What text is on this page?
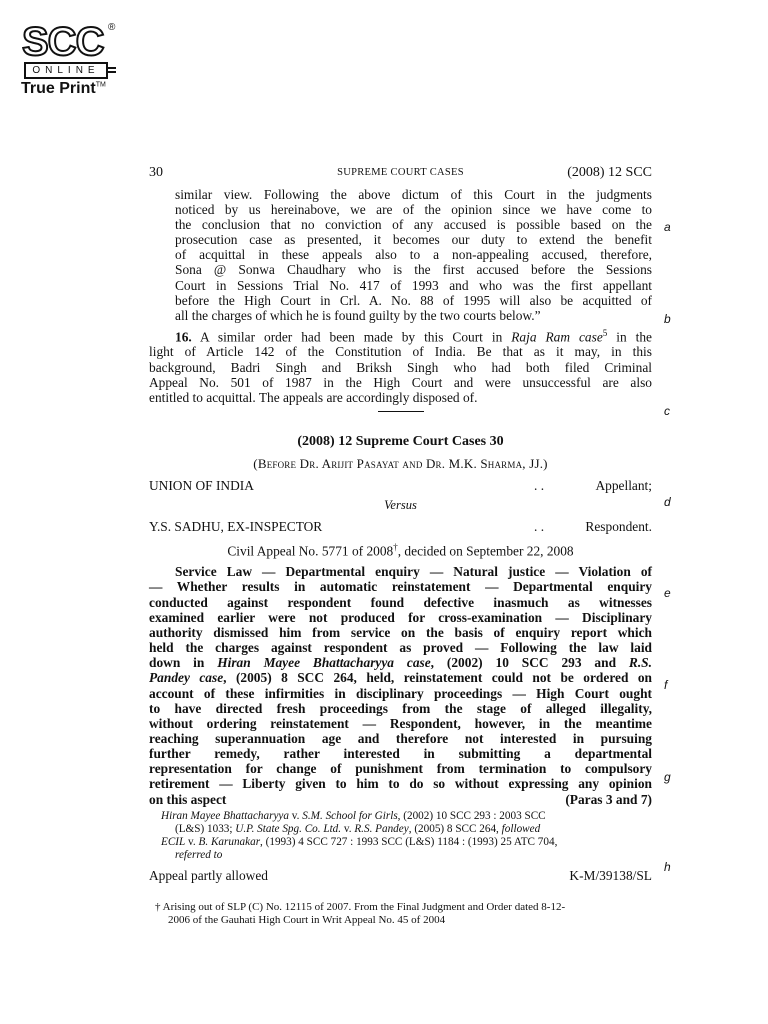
SCC ®
ONLINE
True Print™
30	SUPREME COURT CASES	(2008) 12 SCC
similar view. Following the above dictum of this Court in the judgments
noticed by us hereinabove, we are of the opinion since we have come to
the conclusion that no conviction of any accused is possible based on the
prosecution case as presented, it becomes our duty to extend the benefit
of acquittal in these appeals also to a non-appealing accused, therefore,
Sona @ Sonwa Chaudhary who is the first accused before the Sessions
Court in Sessions Trial No. 417 of 1993 and who was the first appellant
before the High Court in Crl. A. No. 88 of 1995 will also be acquitted of
all the charges of which he is found guilty by the two courts below.”
16. A similar order had been made by this Court in Raja Ram case$^5$ in the
light of Article 142 of the Constitution of India. Be that as it may, in this
background, Badri Singh and Briksh Singh who had both filed Criminal
Appeal No. 501 of 1987 in the High Court and were unsuccessful are also
entitled to acquittal. The appeals are accordingly disposed of.
(2008) 12 Supreme Court Cases 30
(Before Dr. Arijit Pasayat and Dr. M.K. Sharma, JJ.)
UNION OF INDIA	. .	Appellant;
Versus
Y.S. SADHU, EX-INSPECTOR	. .	Respondent.
Civil Appeal No. 5771 of 2008†, decided on September 22, 2008
Service Law — Departmental enquiry — Natural justice — Violation of
— Whether results in automatic reinstatement — Departmental enquiry
conducted against respondent found defective inasmuch as witnesses
examined earlier were not produced for cross-examination — Disciplinary
authority dismissed him from service on the basis of enquiry report which
held the charges against respondent as proved — Following the law laid
down in Hiran Mayee Bhattacharyya case, (2002) 10 SCC 293 and R.S.
Pandey case, (2005) 8 SCC 264, held, reinstatement could not be ordered on
account of these infirmities in disciplinary proceedings — High Court ought
to have directed fresh proceedings from the stage of alleged illegality,
without ordering reinstatement — Respondent, however, in the meantime
reaching superannuation age and therefore not interested in pursuing
further remedy, rather interested in submitting a departmental
representation for change of punishment from termination to compulsory
retirement — Liberty given to him to do so without expressing any opinion
on this aspect	(Paras 3 and 7)
Hiran Mayee Bhattacharyya v. S.M. School for Girls, (2002) 10 SCC 293 : 2003 SCC
(L&S) 1033; U.P. State Spg. Co. Ltd. v. R.S. Pandey, (2005) 8 SCC 264, followed
ECIL v. B. Karunakar, (1993) 4 SCC 727 : 1993 SCC (L&S) 1184 : (1993) 25 ATC 704,
referred to
Appeal partly allowed	K-M/39138/SL
† Arising out of SLP (C) No. 12115 of 2007. From the Final Judgment and Order dated 8-12-
2006 of the Gauhati High Court in Writ Appeal No. 45 of 2004
a
b
c
d
e
f
g
h
